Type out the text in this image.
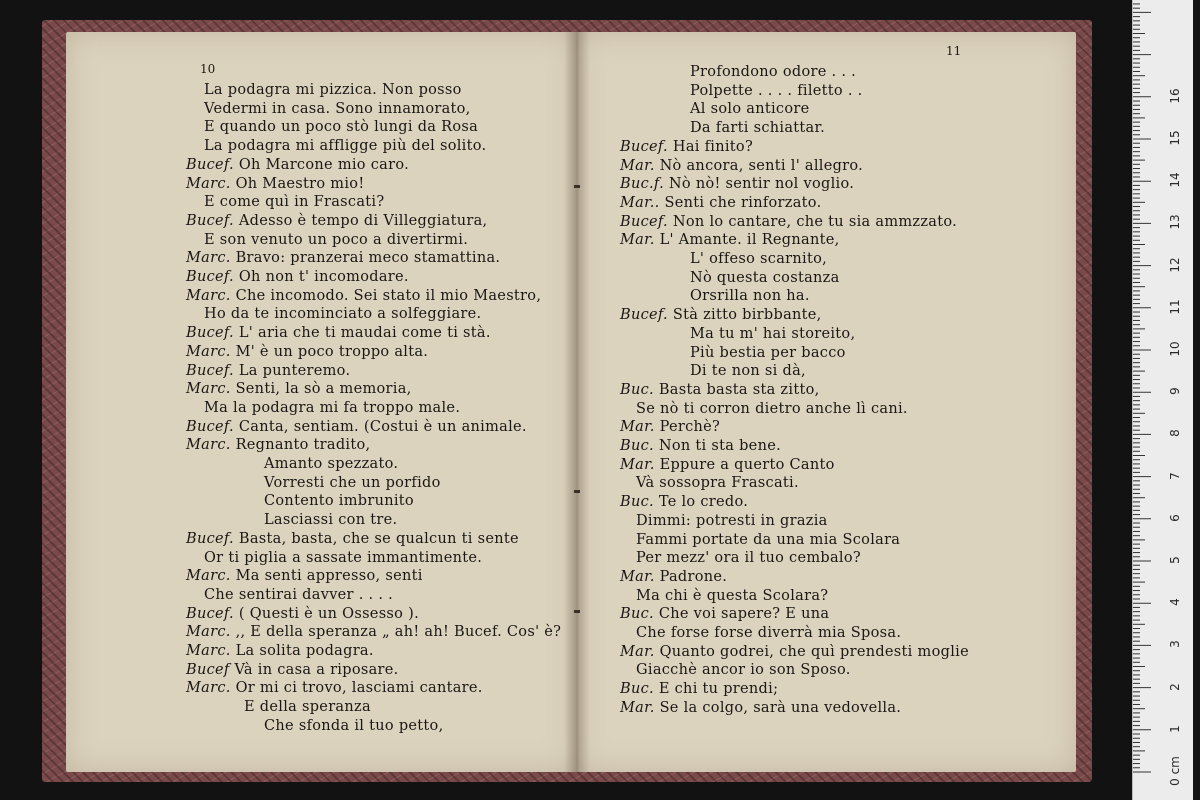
10
11
La podagra mi pizzica. Non posso
Vedermi in casa. Sono innamorato,
E quando un poco stò lungi da Rosa
La podagra mi affligge più del solito.
Bucef. Oh Marcone mio caro.
Marc. Oh Maestro mio!
E come quì in Frascati?
Bucef. Adesso è tempo di Villeggiatura,
E son venuto un poco a divertirmi.
Marc. Bravo: pranzerai meco stamattina.
Bucef. Oh non t' incomodare.
Marc. Che incomodo. Sei stato il mio Maestro,
Ho da te incominciato a solfeggiare.
Bucef. L' aria che ti maudai come ti stà.
Marc. M' è un poco troppo alta.
Bucef. La punteremo.
Marc. Senti, la sò a memoria,
Ma la podagra mi fa troppo male.
Bucef. Canta, sentiam. (Costui è un animale.
Marc. Regnanto tradito,
Amanto spezzato.
Vorresti che un porfido
Contento imbrunito
Lasciassi con tre.
Bucef. Basta, basta, che se qualcun ti sente
Or ti piglia a sassate immantimente.
Marc. Ma senti appresso, senti
Che sentirai davver . . . .
Bucef. ( Questi è un Ossesso ).
Marc. ,, E della speranza „ ah! ah! Bucef. Cos' è?
Marc. La solita podagra.
Bucef Và in casa a riposare.
Marc. Or mi ci trovo, lasciami cantare.
E della speranza
Che sfonda il tuo petto,
Profondono odore . . .
Polpette . . . . filetto . .
Al solo anticore
Da farti schiattar.
Bucef. Hai finito?
Mar. Nò ancora, senti l' allegro.
Buc.f. Nò nò! sentir nol voglio.
Mar.. Senti che rinforzato.
Bucef. Non lo cantare, che tu sia ammzzato.
Mar. L' Amante. il Regnante,
L' offeso scarnito,
Nò questa costanza
Orsrilla non ha.
Bucef. Stà zitto birbbante,
Ma tu m' hai storeito,
Più bestia per bacco
Di te non si dà,
Buc. Basta basta sta zitto,
Se nò ti corron dietro anche lì cani.
Mar. Perchè?
Buc. Non ti sta bene.
Mar. Eppure a querto Canto
Và sossopra Frascati.
Buc. Te lo credo.
Dimmi: potresti in grazia
Fammi portate da una mia Scolara
Per mezz' ora il tuo cembalo?
Mar. Padrone.
Ma chi è questa Scolara?
Buc. Che voi sapere? E una
Che forse forse diverrà mia Sposa.
Mar. Quanto godrei, che quì prendesti moglie
Giacchè ancor io son Sposo.
Buc. E chi tu prendi;
Mar. Se la colgo, sarà una vedovella.
0 cm
1
2
3
4
5
6
7
8
9
10
11
12
13
14
15
16
